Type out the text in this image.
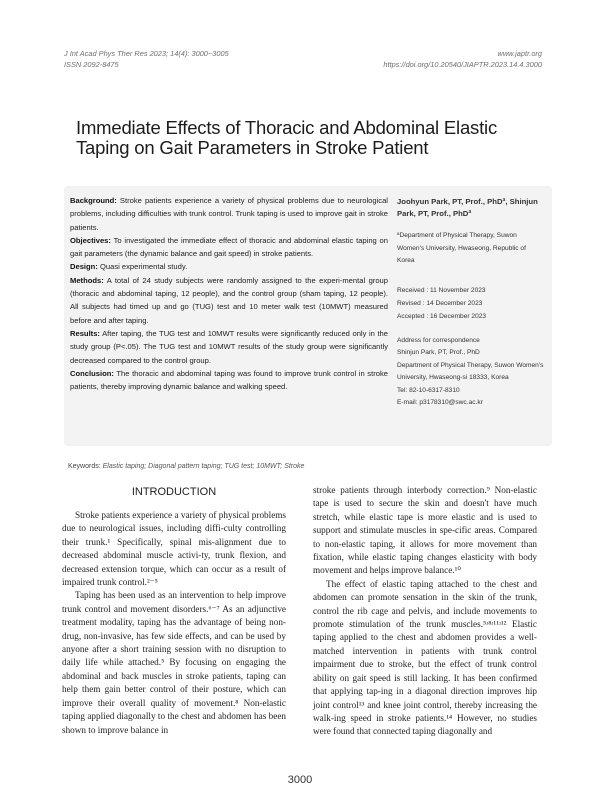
J Int Acad Phys Ther Res 2023; 14(4): 3000~3005
ISSN 2092-8475
www.japtr.org
https://doi.org/10.20540/JIAPTR.2023.14.4.3000
Immediate Effects of Thoracic and Abdominal Elastic Taping on Gait Parameters in Stroke Patient

Background: Stroke patients experience a variety of physical problems due to neurological problems, including difficulties with trunk control. Trunk taping is used to improve gait in stroke patients.

Objectives: To investigated the immediate effect of thoracic and abdominal elastic taping on gait parameters (the dynamic balance and gait speed) in stroke patients.

Design: Quasi experimental study.

Methods: A total of 24 study subjects were randomly assigned to the experi-mental group (thoracic and abdominal taping, 12 people), and the control group (sham taping, 12 people). All subjects had timed up and go (TUG) test and 10 meter walk test (10MWT) measured before and after taping.

Results: After taping, the TUG test and 10MWT results were significantly reduced only in the study group (P<.05). The TUG test and 10MWT results of the study group were significantly decreased compared to the control group.

Conclusion: The thoracic and abdominal taping was found to improve trunk control in stroke patients, thereby improving dynamic balance and walking speed.

Joohyun Park, PT, Prof., PhDª, Shinjun Park, PT, Prof., PhDª
ªDepartment of Physical Therapy, Suwon Women's University, Hwaseong, Republic of Korea
Received : 11 November 2023
Revised : 14 December 2023
Accepted : 16 December 2023
Address for correspondence
Shinjun Park, PT, Prof., PhD
Department of Physical Therapy, Suwon Women's University, Hwaseong-si 18333, Korea
Tel: 82-10-6317-8310
E-mail: p3178310@swc.ac.kr
Keywords: Elastic taping; Diagonal pattern taping; TUG test; 10MWT; Stroke
INTRODUCTION

Stroke patients experience a variety of physical problems due to neurological issues, including diffi-culty controlling their trunk.¹ Specifically, spinal mis-alignment due to decreased abdominal muscle activi-ty, trunk flexion, and decreased extension torque, which can occur as a result of impaired trunk control.²⁻⁵

Taping has been used as an intervention to help improve trunk control and movement disorders.⁶⁻⁷ As an adjunctive treatment modality, taping has the advantage of being non-drug, non-invasive, has few side effects, and can be used by anyone after a short training session with no disruption to daily life while attached.⁵ By focusing on engaging the abdominal and back muscles in stroke patients, taping can help them gain better control of their posture, which can improve their overall quality of movement.⁸ Non-elastic taping applied diagonally to the chest and abdomen has been shown to improve balance in

stroke patients through interbody correction.⁹ Non-elastic tape is used to secure the skin and doesn't have much stretch, while elastic tape is more elastic and is used to support and stimulate muscles in spe-cific areas. Compared to non-elastic taping, it allows for more movement than fixation, while elastic taping changes elasticity with body movement and helps improve balance.¹⁰

The effect of elastic taping attached to the chest and abdomen can promote sensation in the skin of the trunk, control the rib cage and pelvis, and include movements to promote stimulation of the trunk muscles.⁵ʴ⁸ʴ¹¹ʴ¹² Elastic taping applied to the chest and abdomen provides a well-matched intervention in patients with trunk control impairment due to stroke, but the effect of trunk control ability on gait speed is still lacking. It has been confirmed that applying tap-ing in a diagonal direction improves hip joint control¹³ and knee joint control, thereby increasing the walk-ing speed in stroke patients.¹⁴ However, no studies were found that connected taping diagonally and

3000
